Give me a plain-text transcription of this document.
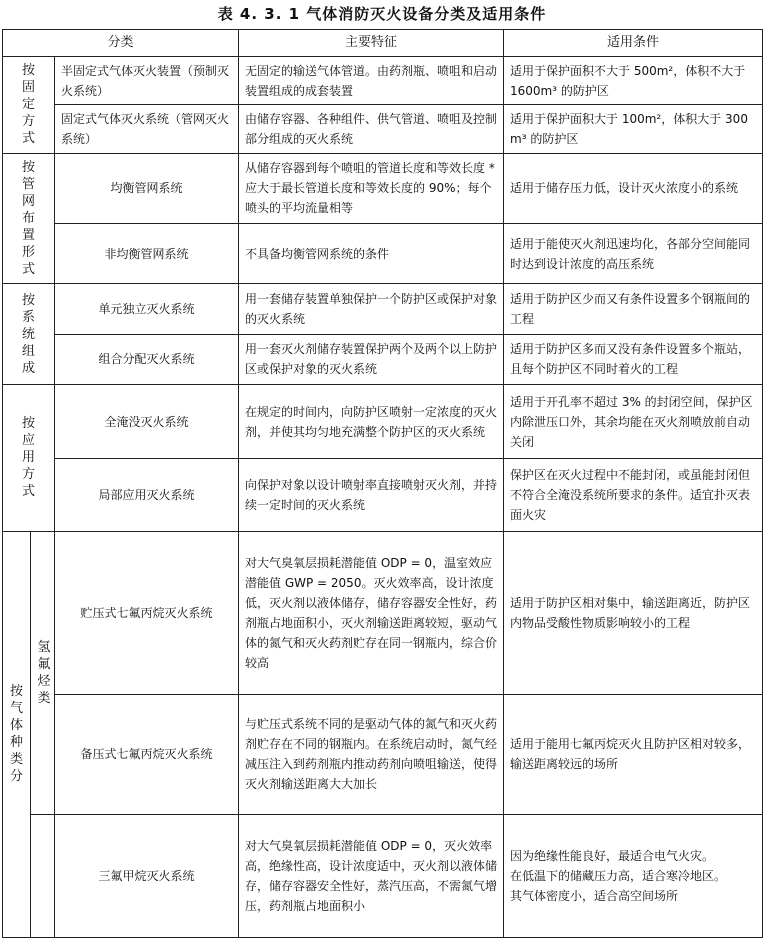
表 4. 3. 1 气体消防灭火设备分类及适用条件
分类			主要特征	适用条件
按固定方式		半固定式气体灭火装置（预制灭火系统）	无固定的输送气体管道。由药剂瓶、喷咀和启动装置组成的成套装置	适用于保护面积不大于 500m²，体积不大于 1600m³ 的防护区
		固定式气体灭火系统（管网灭火系统）	由储存容器、各种组件、供气管道、喷咀及控制部分组成的灭火系统	适用于保护面积大于 100m²，体积大于 300m³ 的防护区
按管网布置形式		均衡管网系统	从储存容器到每个喷咀的管道长度和等效长度 * 应大于最长管道长度和等效长度的 90%；每个喷头的平均流量相等	适用于储存压力低，设计灭火浓度小的系统
		非均衡管网系统	不具备均衡管网系统的条件	适用于能使灭火剂迅速均化，各部分空间能同时达到设计浓度的高压系统
按系统组成		单元独立灭火系统	用一套储存装置单独保护一个防护区或保护对象的灭火系统	适用于防护区少而又有条件设置多个钢瓶间的工程
		组合分配灭火系统	用一套灭火剂储存装置保护两个及两个以上防护区或保护对象的灭火系统	适用于防护区多而又没有条件设置多个瓶站，且每个防护区不同时着火的工程
按应用方式		全淹没灭火系统	在规定的时间内，向防护区喷射一定浓度的灭火剂，并使其均匀地充满整个防护区的灭火系统	适用于开孔率不超过 3% 的封闭空间，保护区内除泄压口外，其余均能在灭火剂喷放前自动关闭
		局部应用灭火系统	向保护对象以设计喷射率直接喷射灭火剂，并持续一定时间的灭火系统	保护区在灭火过程中不能封闭，或虽能封闭但不符合全淹没系统所要求的条件。适宜扑灭表面火灾
按气体种类分	氢氟烃类	贮压式七氟丙烷灭火系统	对大气臭氧层损耗潜能值 ODP = 0，温室效应潜能值 GWP = 2050。灭火效率高，设计浓度低，灭火剂以液体储存，储存容器安全性好，药剂瓶占地面积小，灭火剂输送距离较短，驱动气体的氮气和灭火药剂贮存在同一钢瓶内，综合价较高	适用于防护区相对集中，输送距离近，防护区内物品受酸性物质影响较小的工程
		备压式七氟丙烷灭火系统	与贮压式系统不同的是驱动气体的氮气和灭火药剂贮存在不同的钢瓶内。在系统启动时，氮气经减压注入到药剂瓶内推动药剂向喷咀输送，使得灭火剂输送距离大大加长	适用于能用七氟丙烷灭火且防护区相对较多，输送距离较远的场所
		三氟甲烷灭火系统	对大气臭氧层损耗潜能值 ODP = 0，灭火效率高，绝缘性高，设计浓度适中，灭火剂以液体储存，储存容器安全性好，蒸汽压高，不需氮气增压，药剂瓶占地面积小	因为绝缘性能良好，最适合电气火灾。
在低温下的储藏压力高，适合寒冷地区。
其气体密度小，适合高空间场所
